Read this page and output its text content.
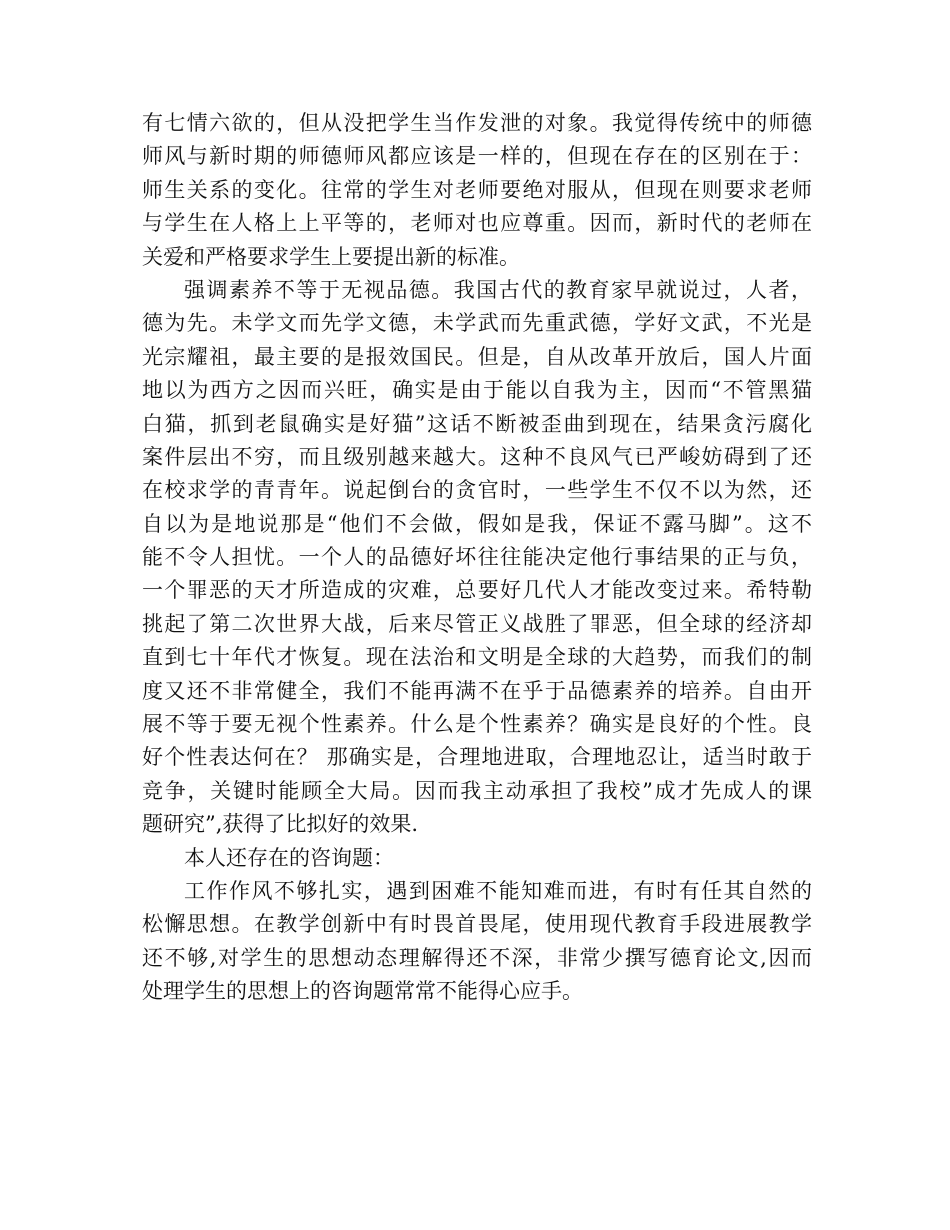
有七情六欲的，但从没把学生当作发泄的对象。我觉得传统中的师德
师风与新时期的师德师风都应该是一样的，但现在存在的区别在于：
师生关系的变化。往常的学生对老师要绝对服从，但现在则要求老师
与学生在人格上上平等的，老师对也应尊重。因而，新时代的老师在
关爱和严格要求学生上要提出新的标准。
强调素养不等于无视品德。我国古代的教育家早就说过，人者，
德为先。未学文而先学文德，未学武而先重武德，学好文武，不光是
光宗耀祖，最主要的是报效国民。但是，自从改革开放后，国人片面
地以为西方之因而兴旺，确实是由于能以自我为主，因而“不管黑猫
白猫，抓到老鼠确实是好猫”这话不断被歪曲到现在，结果贪污腐化
案件层出不穷，而且级别越来越大。这种不良风气已严峻妨碍到了还
在校求学的青青年。说起倒台的贪官时，一些学生不仅不以为然，还
自以为是地说那是“他们不会做，假如是我，保证不露马脚”。这不
能不令人担忧。一个人的品德好坏往往能决定他行事结果的正与负，
一个罪恶的天才所造成的灾难，总要好几代人才能改变过来。希特勒
挑起了第二次世界大战，后来尽管正义战胜了罪恶，但全球的经济却
直到七十年代才恢复。现在法治和文明是全球的大趋势，而我们的制
度又还不非常健全，我们不能再满不在乎于品德素养的培养。自由开
展不等于要无视个性素养。什么是个性素养？确实是良好的个性。良
好个性表达何在？ 那确实是，合理地进取，合理地忍让，适当时敢于
竞争，关键时能顾全大局。因而我主动承担了我校”成才先成人的课
题研究”,获得了比拟好的效果.
本人还存在的咨询题：
工作作风不够扎实，遇到困难不能知难而进，有时有任其自然的
松懈思想。在教学创新中有时畏首畏尾，使用现代教育手段进展教学
还不够,对学生的思想动态理解得还不深，非常少撰写德育论文,因而
处理学生的思想上的咨询题常常不能得心应手。
